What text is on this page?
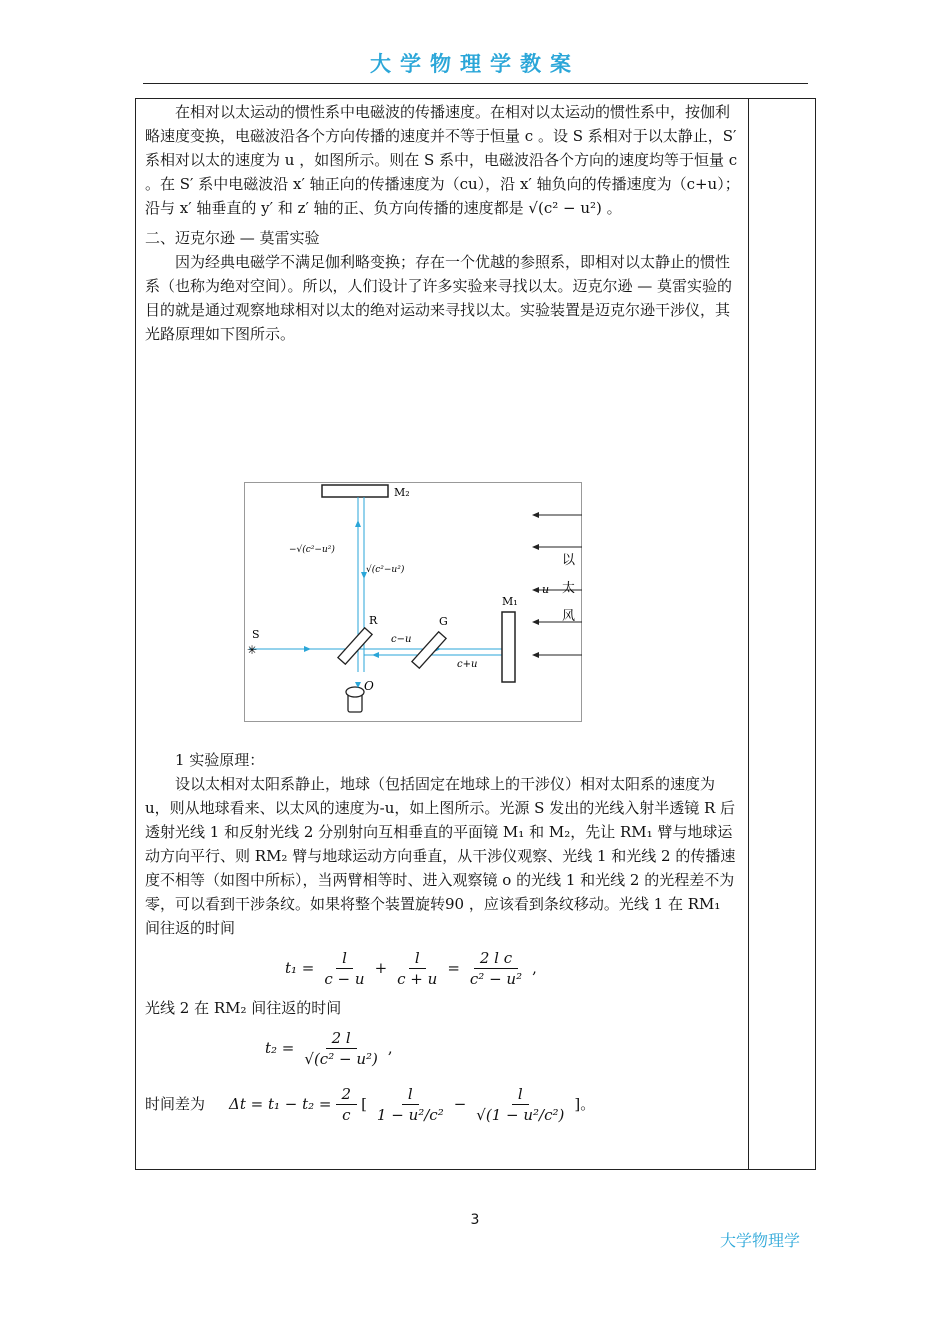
大学物理学教案

在相对以太运动的惯性系中电磁波的传播速度。在相对以太运动的惯性系中，按伽利略速度变换，电磁波沿各个方向传播的速度并不等于恒量 c 。设 S 系相对于以太静止，S′ 系相对以太的速度为 u ，如图所示。则在 S 系中，电磁波沿各个方向的速度均等于恒量 c 。在 S′ 系中电磁波沿 x′ 轴正向的传播速度为（cu），沿 x′ 轴负向的传播速度为（c+u）；沿与 x′ 轴垂直的 y′ 和 z′ 轴的正、负方向传播的速度都是 √(c² − u²) 。

二、迈克尔逊 — 莫雷实验

因为经典电磁学不满足伽利略变换；存在一个优越的参照系，即相对以太静止的惯性系（也称为绝对空间）。所以，人们设计了许多实验来寻找以太。迈克尔逊 — 莫雷实验的目的就是通过观察地球相对以太的绝对运动来寻找以太。实验装置是迈克尔逊干涉仪，其光路原理如下图所示。

M₂
−√(c²−u²)
√(c²−u²)
c−u
c+u
S
✳
R	G
M₁
O
以
u 太
风

1 实验原理：

设以太相对太阳系静止，地球（包括固定在地球上的干涉仪）相对太阳系的速度为 u，则从地球看来、以太风的速度为-u，如上图所示。光源 S 发出的光线入射半透镜 R 后透射光线 1 和反射光线 2 分别射向互相垂直的平面镜 M₁ 和 M₂，先让 RM₁ 臂与地球运动方向平行、则 RM₂ 臂与地球运动方向垂直，从干涉仪观察、光线 1 和光线 2 的传播速度不相等（如图中所标），当两臂相等时、进入观察镜 o 的光线 1 和光线 2 的光程差不为零，可以看到干涉条纹。如果将整个装置旋转90 ，应该看到条纹移动。光线 1 在 RM₁ 间往返的时间

$t_1 = \frac{l}{c - u} + \frac{l}{c + u} = \frac{\text{2 l c}}{\text{c² − u²}}$ ,

光线 2 在 RM₂ 间往返的时间

$t_2 = \frac{2 l}{\text{√(c² − u²)}}$ ,
时间差为 $\Delta t = t_1 - t_2 = \frac{2}{c}$ [ $\frac{l}{\text{1 − u²/c²}} - \frac{l}{\text{√(1 − u²/c²)}}$ ]。
3
大学物理学
